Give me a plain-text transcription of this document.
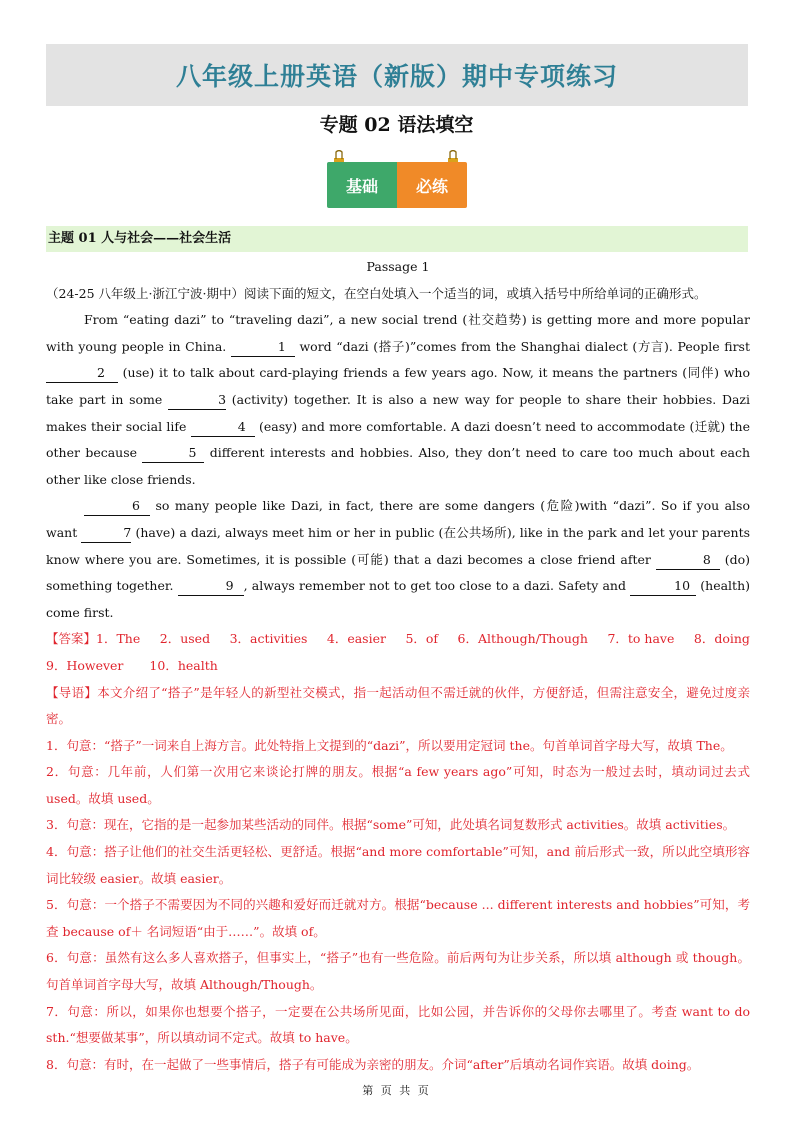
八年级上册英语（新版）期中专项练习
专题 02 语法填空
基础	必练
主题 01 人与社会——社会生活
Passage 1
（24-25 八年级上·浙江宁波·期中）阅读下面的短文，在空白处填入一个适当的词，或填入括号中所给单词的正确形式。
From “eating dazi” to “traveling dazi”, a new social trend (社交趋势) is getting more and more popular with young people in China.	1 word “dazi (搭子)”comes from the Shanghai dialect (方言). People first 2 (use) it to talk about card-playing friends a few years ago. Now, it means the partners (同伴) who take part in some	3 (activity) together. It is also a new way for people to share their hobbies. Dazi makes their social life	4 (easy) and more comfortable. A dazi doesn’t need to accommodate (迁就) the other because	5 different interests and hobbies. Also, they don’t need to care too much about each other like close friends.
6 so many people like Dazi, in fact, there are some dangers (危险)with “dazi”. So if you also want	7 (have) a dazi, always meet him or her in public (在公共场所), like in the park and let your parents know where you are. Sometimes, it is possible (可能) that a dazi becomes a close friend after	8 (do) something together.	9 , always remember not to get too close to a dazi. Safety and	10 (health) come first.
【答案】1．The 2．used 3．activities 4．easier 5．of 6．Although/Though 7．to have 8．doing
9．However 10．health
【导语】本文介绍了“搭子”是年轻人的新型社交模式，指一起活动但不需迁就的伙伴，方便舒适，但需注意安全，避免过度亲密。
1．句意：“搭子”一词来自上海方言。此处特指上文提到的“dazi”，所以要用定冠词 the。句首单词首字母大写，故填 The。
2．句意：几年前，人们第一次用它来谈论打牌的朋友。根据“a few years ago”可知，时态为一般过去时，填动词过去式 used。故填 used。
3．句意：现在，它指的是一起参加某些活动的同伴。根据“some”可知，此处填名词复数形式 activities。故填 activities。
4．句意：搭子让他们的社交生活更轻松、更舒适。根据“and more comfortable”可知，and 前后形式一致，所以此空填形容词比较级 easier。故填 easier。
5．句意：一个搭子不需要因为不同的兴趣和爱好而迁就对方。根据“because ... different interests and hobbies”可知，考查 because of＋ 名词短语“由于……”。故填 of。
6．句意：虽然有这么多人喜欢搭子，但事实上，“搭子”也有一些危险。前后两句为让步关系，所以填 although 或 though。句首单词首字母大写，故填 Although/Though。
7．句意：所以，如果你也想要个搭子，一定要在公共场所见面，比如公园，并告诉你的父母你去哪里了。考查 want to do sth.“想要做某事”，所以填动词不定式。故填 to have。
8．句意：有时，在一起做了一些事情后，搭子有可能成为亲密的朋友。介词“after”后填动名词作宾语。故填 doing。
第 页 共 页
